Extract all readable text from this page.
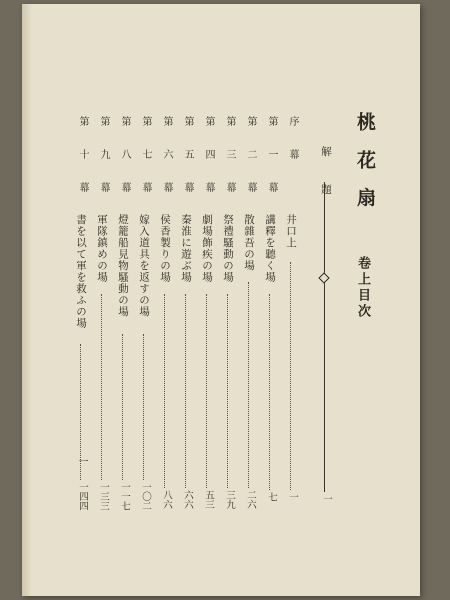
桃 花 扇
卷上目次
解 題
一
序 幕
井口上
一
第 一 幕
講釋を聽く場
七
第 二 幕
散雜吾の場
二六
第 三 幕
祭禮騷動の場
三九
第 四 幕
劇場飾疾の場
五三
第 五 幕
秦淮に遊ぶ場
六六
第 六 幕
侯香製りの場
八六
第 七 幕
嫁入道具を返すの場
一〇二
第 八 幕
燈籠船見物騷動の場
一一七
第 九 幕
軍隊鎮めの場
一三三
第 十 幕
書を以て軍を救ふの場
一四四
一
